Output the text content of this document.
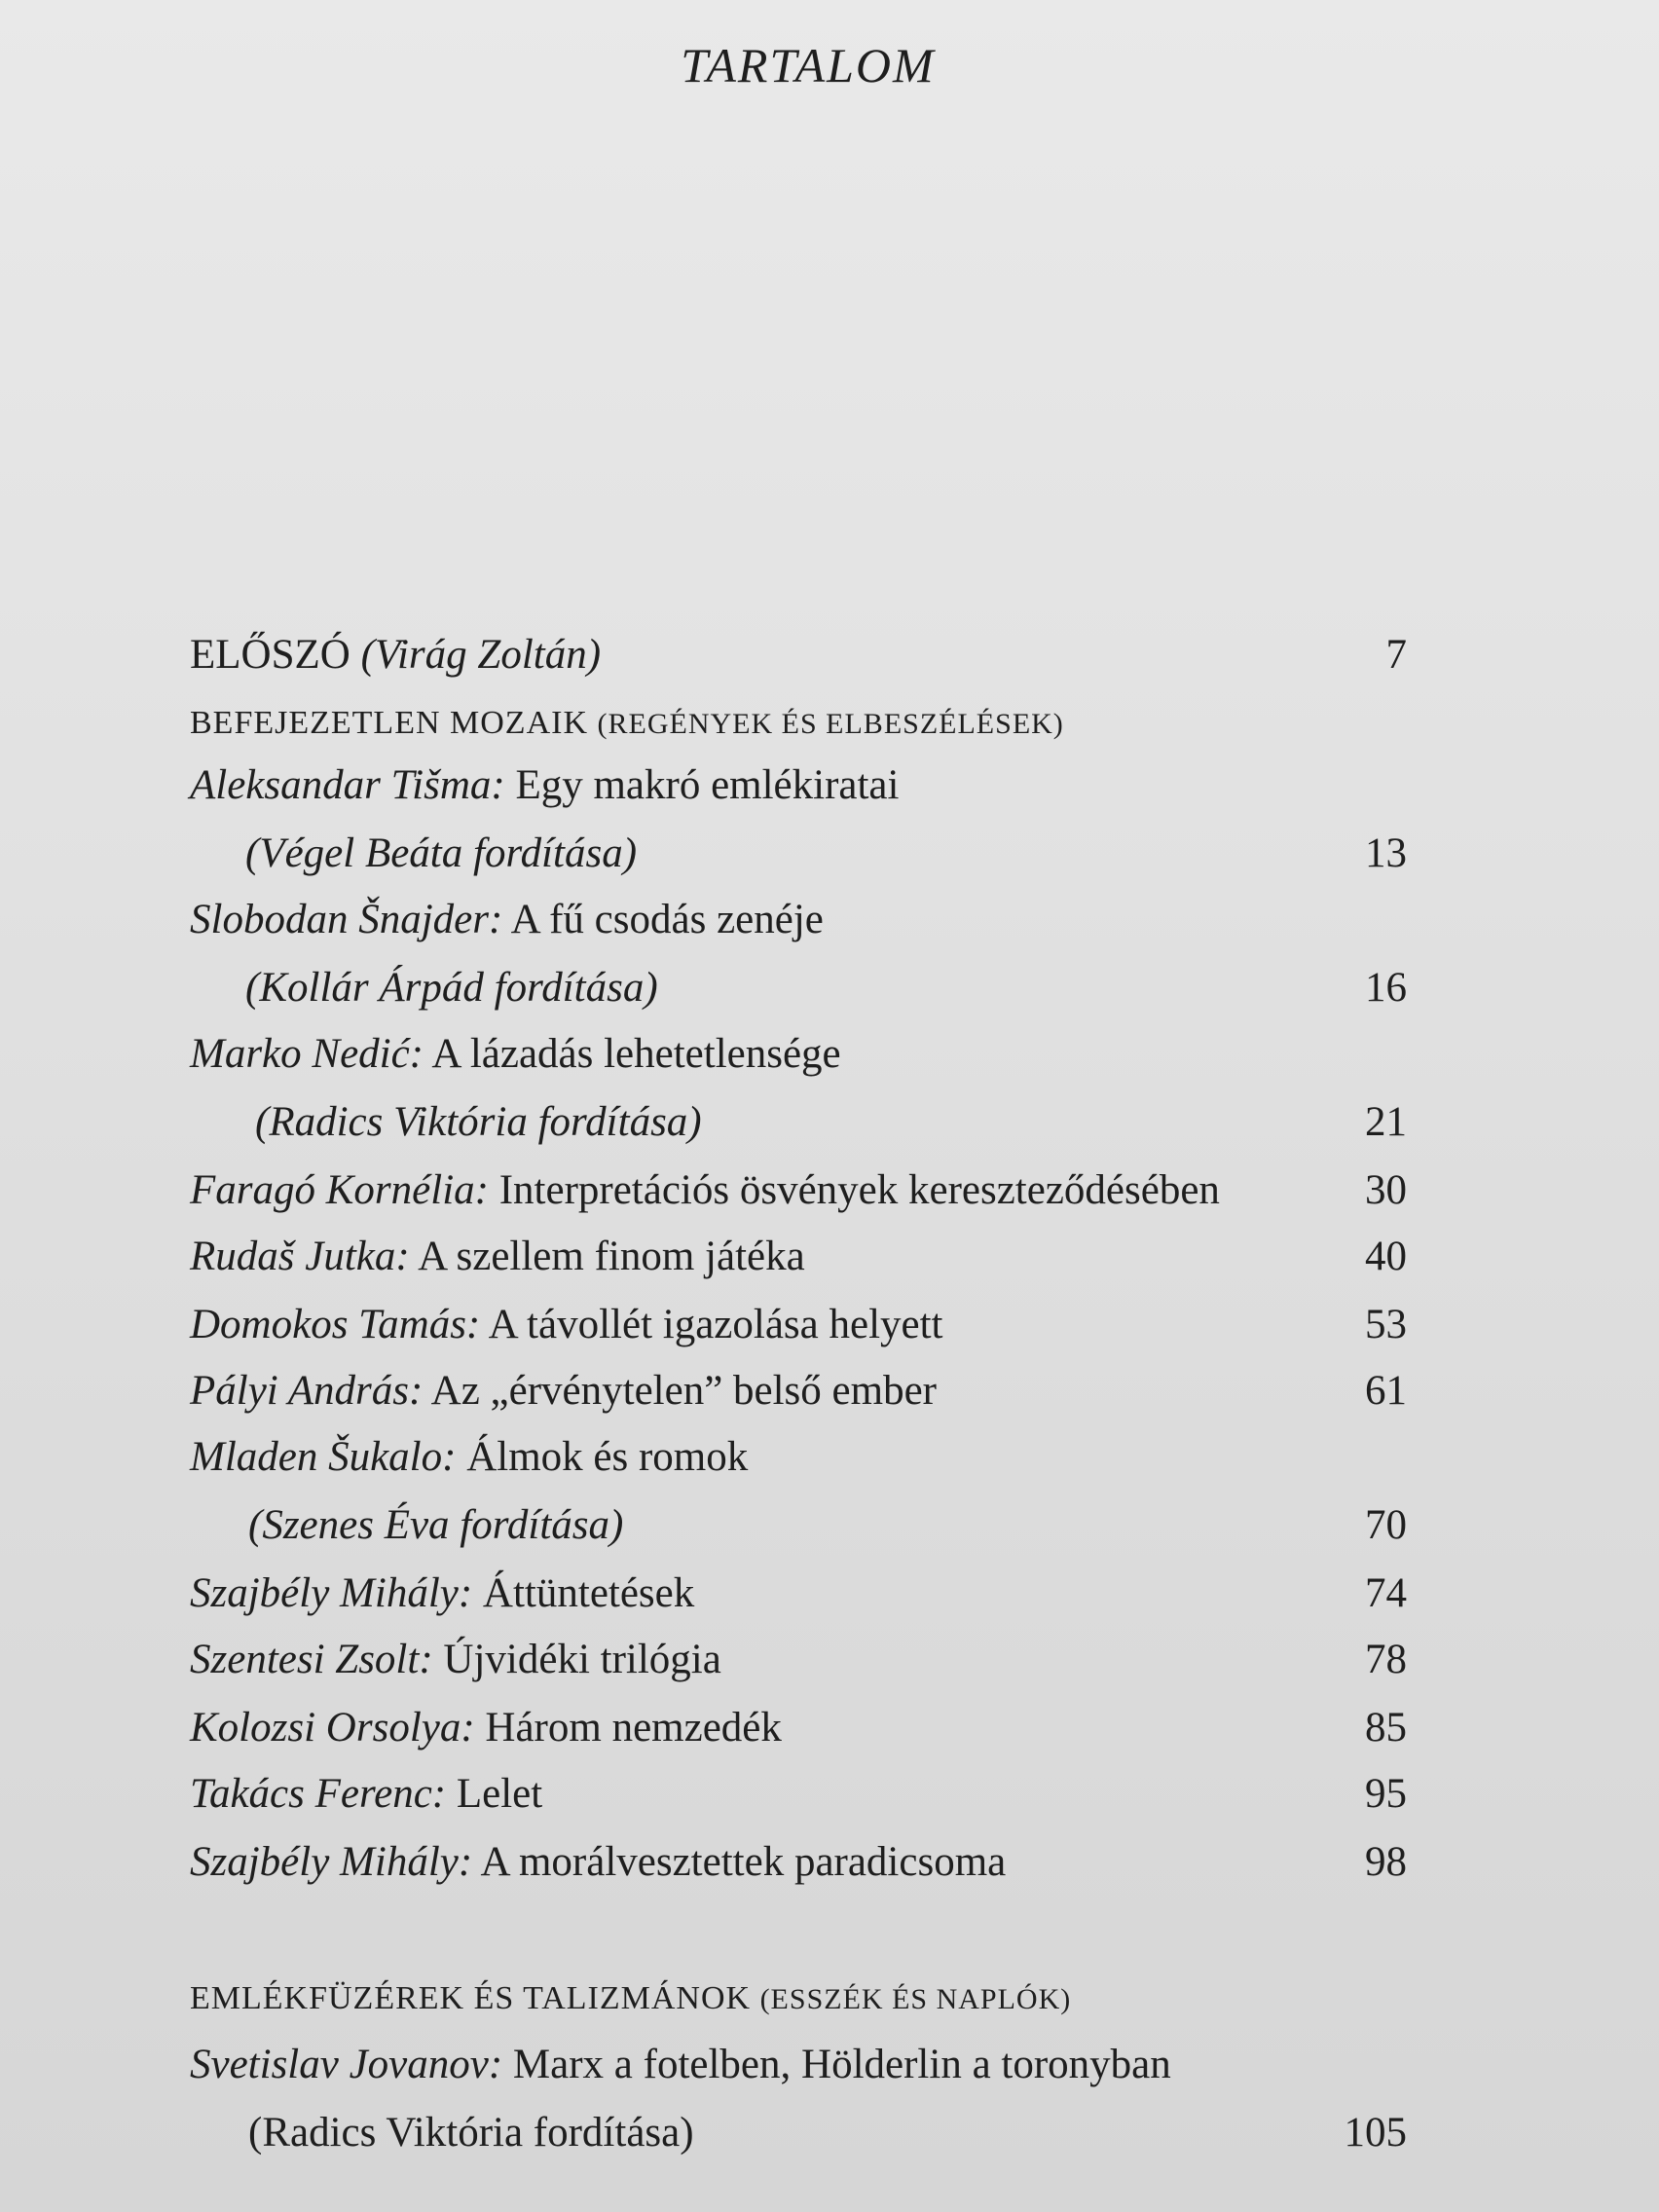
TARTALOM
ELŐSZÓ (Virág Zoltán)	7
BEFEJEZETLEN MOZAIK (REGÉNYEK ÉS ELBESZÉLÉSEK)
Aleksandar Tišma: Egy makró emlékiratai
(Végel Beáta fordítása)	13
Slobodan Šnajder: A fű csodás zenéje
(Kollár Árpád fordítása)	16
Marko Nedić: A lázadás lehetetlensége
(Radics Viktória fordítása)	21
Faragó Kornélia: Interpretációs ösvények kereszteződésében	30
Rudaš Jutka: A szellem finom játéka	40
Domokos Tamás: A távollét igazolása helyett	53
Pályi András: Az „érvénytelen” belső ember	61
Mladen Šukalo: Álmok és romok
(Szenes Éva fordítása)	70
Szajbély Mihály: Áttüntetések	74
Szentesi Zsolt: Újvidéki trilógia	78
Kolozsi Orsolya: Három nemzedék	85
Takács Ferenc: Lelet	95
Szajbély Mihály: A morálvesztettek paradicsoma	98
EMLÉKFÜZÉREK ÉS TALIZMÁNOK (ESSZÉK ÉS NAPLÓK)
Svetislav Jovanov: Marx a fotelben, Hölderlin a toronyban
(Radics Viktória fordítása)	105
